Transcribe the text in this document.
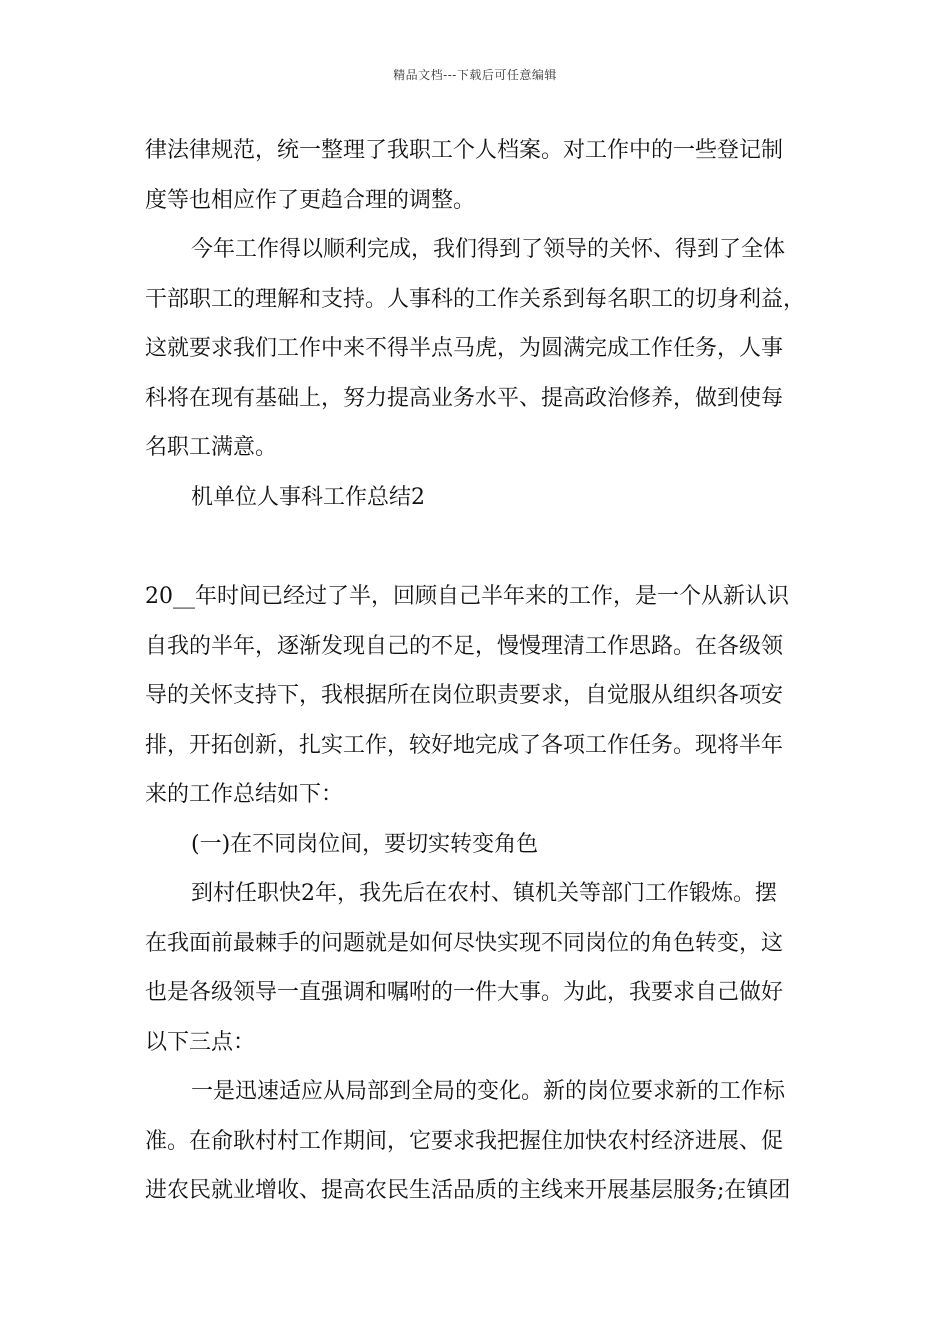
精品文档---下载后可任意编辑
律法律规范，统一整理了我职工个人档案。对工作中的一些登记制
度等也相应作了更趋合理的调整。
今年工作得以顺利完成，我们得到了领导的关怀、得到了全体
干部职工的理解和支持。人事科的工作关系到每名职工的切身利益，
这就要求我们工作中来不得半点马虎，为圆满完成工作任务，人事
科将在现有基础上，努力提高业务水平、提高政治修养，做到使每
名职工满意。
机单位人事科工作总结2
20__年时间已经过了半，回顾自己半年来的工作，是一个从新认识
自我的半年，逐渐发现自己的不足，慢慢理清工作思路。在各级领
导的关怀支持下，我根据所在岗位职责要求，自觉服从组织各项安
排，开拓创新，扎实工作，较好地完成了各项工作任务。现将半年
来的工作总结如下：
(一)在不同岗位间，要切实转变角色
到村任职快2年，我先后在农村、镇机关等部门工作锻炼。摆
在我面前最棘手的问题就是如何尽快实现不同岗位的角色转变，这
也是各级领导一直强调和嘱咐的一件大事。为此，我要求自己做好
以下三点：
一是迅速适应从局部到全局的变化。新的岗位要求新的工作标
准。在俞耿村村工作期间，它要求我把握住加快农村经济进展、促
进农民就业增收、提高农民生活品质的主线来开展基层服务;在镇团
